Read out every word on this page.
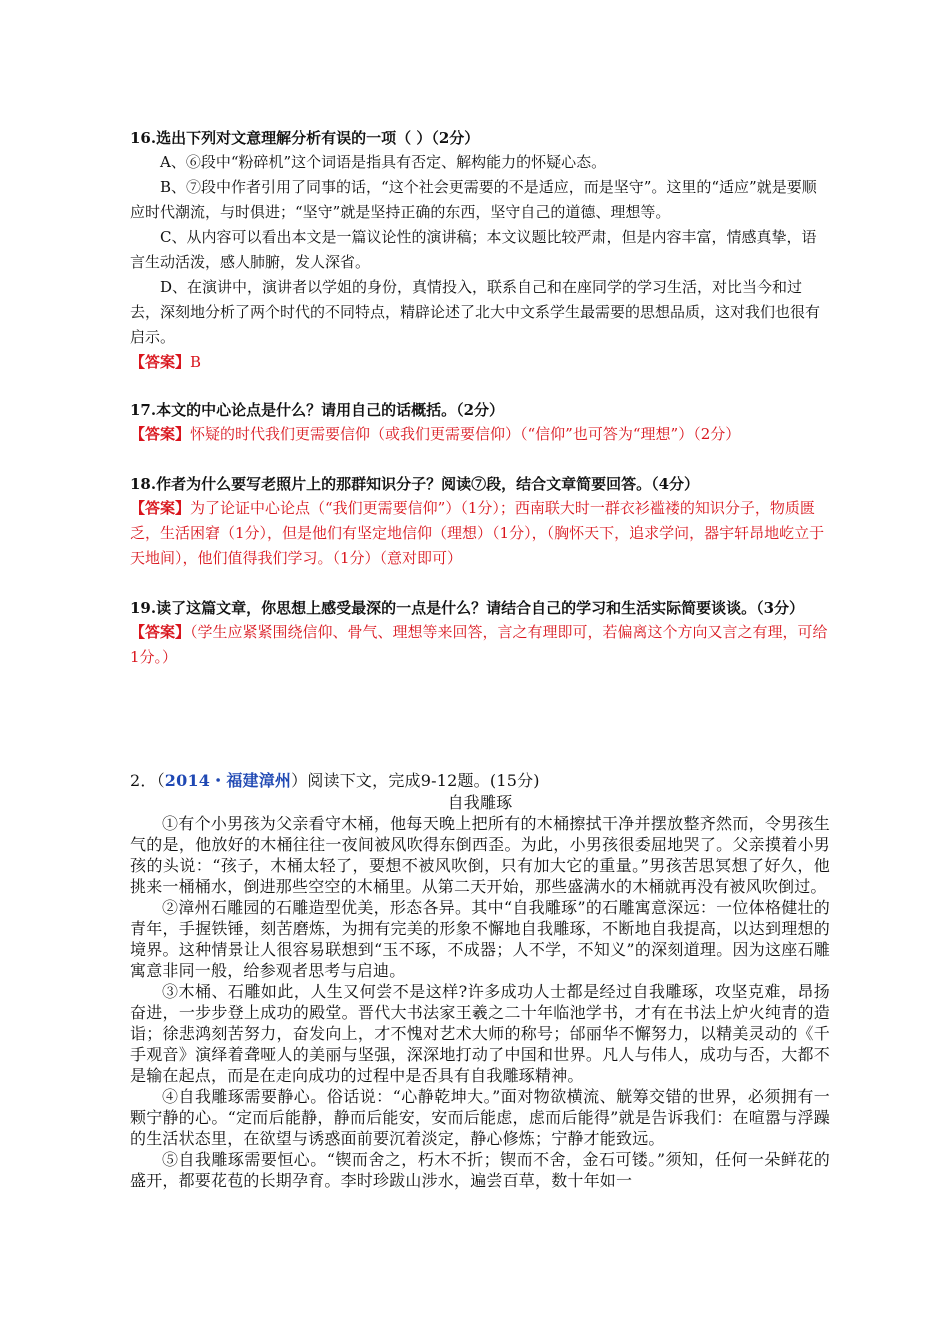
16.选出下列对文意理解分析有误的一项（ ）（2分）

A、⑥段中“粉碎机”这个词语是指具有否定、解构能力的怀疑心态。

B、⑦段中作者引用了同事的话，“这个社会更需要的不是适应，而是坚守”。这里的“适应”就是要顺应时代潮流，与时俱进；“坚守”就是坚持正确的东西，坚守自己的道德、理想等。

C、从内容可以看出本文是一篇议论性的演讲稿；本文议题比较严肃，但是内容丰富，情感真挚，语言生动活泼，感人肺腑，发人深省。

D、在演讲中，演讲者以学姐的身份，真情投入，联系自己和在座同学的学习生活，对比当今和过去，深刻地分析了两个时代的不同特点，精辟论述了北大中文系学生最需要的思想品质，这对我们也很有启示。

【答案】B

17.本文的中心论点是什么？请用自己的话概括。（2分）

【答案】怀疑的时代我们更需要信仰（或我们更需要信仰）（“信仰”也可答为“理想”）（2分）

18.作者为什么要写老照片上的那群知识分子？阅读⑦段，结合文章简要回答。（4分）

【答案】为了论证中心论点（“我们更需要信仰”）（1分）；西南联大时一群衣衫褴褛的知识分子，物质匮乏，生活困窘（1分），但是他们有坚定地信仰（理想）（1分），（胸怀天下，追求学问，器宇轩昂地屹立于天地间），他们值得我们学习。（1分）（意对即可）

19.读了这篇文章，你思想上感受最深的一点是什么？请结合自己的学习和生活实际简要谈谈。（3分）

【答案】（学生应紧紧围绕信仰、骨气、理想等来回答，言之有理即可，若偏离这个方向又言之有理，可给1分。）

2．（2014・福建漳州）阅读下文，完成9-12题。(15分)
自我雕琢

①有个小男孩为父亲看守木桶，他每天晚上把所有的木桶擦拭干净并摆放整齐然而，令男孩生气的是，他放好的木桶往往一夜间被风吹得东倒西歪。为此，小男孩很委屈地哭了。父亲摸着小男孩的头说：“孩子，木桶太轻了，要想不被风吹倒，只有加大它的重量。”男孩苦思冥想了好久，他挑来一桶桶水，倒进那些空空的木桶里。从第二天开始，那些盛满水的木桶就再没有被风吹倒过。

②漳州石雕园的石雕造型优美，形态各异。其中“自我雕琢”的石雕寓意深远：一位体格健壮的青年，手握铁锤，刻苦磨炼，为拥有完美的形象不懈地自我雕琢，不断地自我提高，以达到理想的境界。这种情景让人很容易联想到“玉不琢，不成器；人不学，不知义”的深刻道理。因为这座石雕寓意非同一般，给参观者思考与启迪。

③木桶、石雕如此，人生又何尝不是这样?许多成功人士都是经过自我雕琢，攻坚克难，昂扬奋进，一步步登上成功的殿堂。晋代大书法家王羲之二十年临池学书，才有在书法上炉火纯青的造诣；徐悲鸿刻苦努力，奋发向上，才不愧对艺术大师的称号；邰丽华不懈努力，以精美灵动的《千手观音》演绎着聋哑人的美丽与坚强，深深地打动了中国和世界。凡人与伟人，成功与否，大都不是输在起点，而是在走向成功的过程中是否具有自我雕琢精神。

④自我雕琢需要静心。俗话说：“心静乾坤大。”面对物欲横流、觥筹交错的世界，必须拥有一颗宁静的心。“定而后能静，静而后能安，安而后能虑，虑而后能得”就是告诉我们：在喧嚣与浮躁的生活状态里，在欲望与诱惑面前要沉着淡定，静心修炼；宁静才能致远。

⑤自我雕琢需要恒心。“锲而舍之，朽木不折；锲而不舍，金石可镂。”须知，任何一朵鲜花的盛开，都要花苞的长期孕育。李时珍跋山涉水，遍尝百草，数十年如一
